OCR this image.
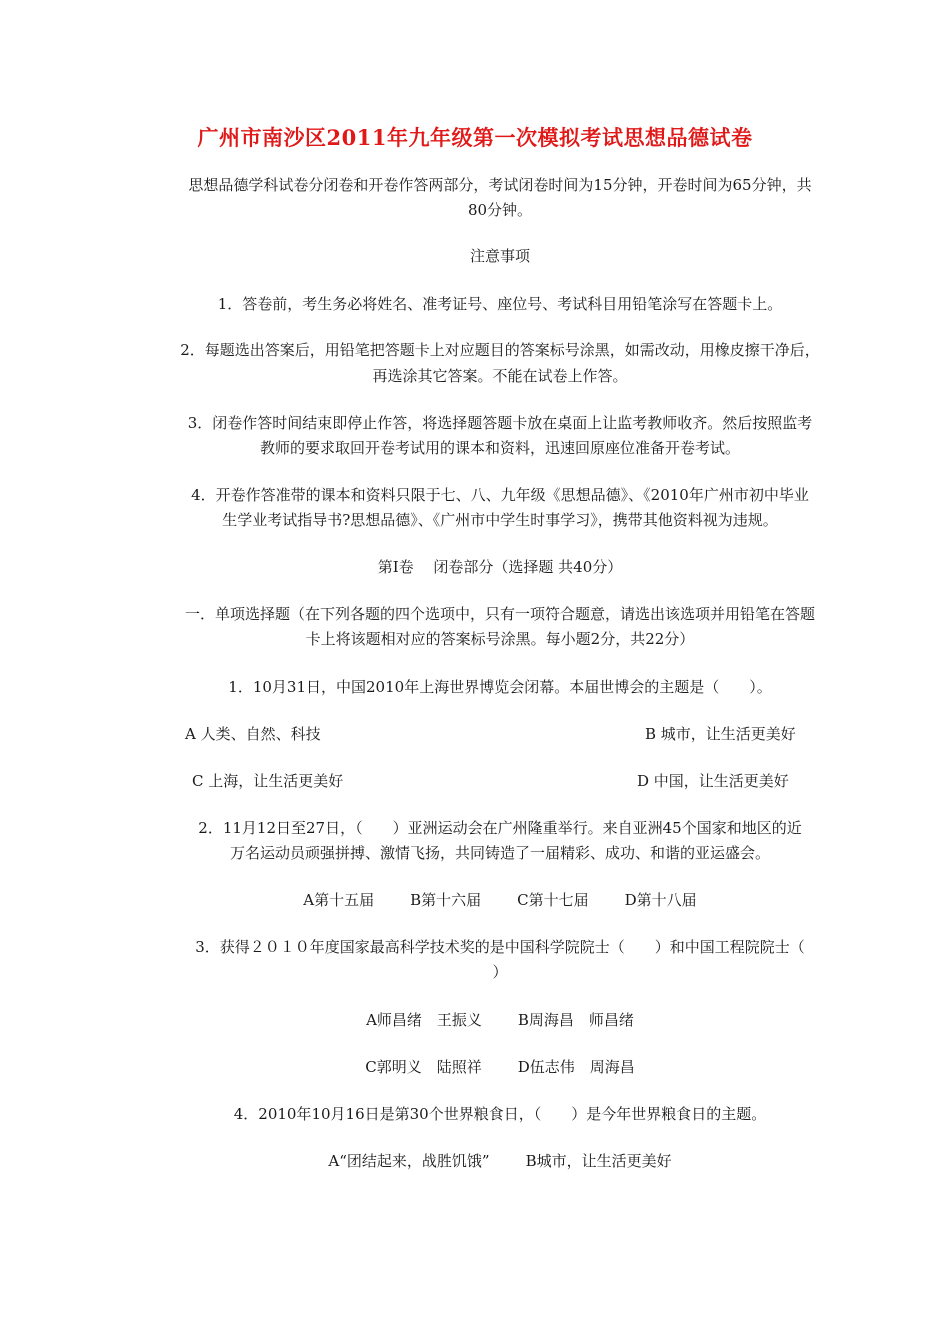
广州市南沙区2011年九年级第一次模拟考试思想品德试卷
思想品德学科试卷分闭卷和开卷作答两部分，考试闭卷时间为15分钟，开卷时间为65分钟，共
80分钟。
注意事项
1．答卷前，考生务必将姓名、准考证号、座位号、考试科目用铅笔涂写在答题卡上。
2．每题选出答案后，用铅笔把答题卡上对应题目的答案标号涂黑，如需改动，用橡皮擦干净后，
再选涂其它答案。不能在试卷上作答。
3．闭卷作答时间结束即停止作答，将选择题答题卡放在桌面上让监考教师收齐。然后按照监考
教师的要求取回开卷考试用的课本和资料，迅速回原座位准备开卷考试。
4．开卷作答准带的课本和资料只限于七、八、九年级《思想品德》、《2010年广州市初中毕业
生学业考试指导书?思想品德》、《广州市中学生时事学习》，携带其他资料视为违规。
第Ⅰ卷　 闭卷部分（选择题 共40分）
一．单项选择题（在下列各题的四个选项中，只有一项符合题意，请选出该选项并用铅笔在答题
卡上将该题相对应的答案标号涂黑。每小题2分，共22分）
1．10月31日，中国2010年上海世界博览会闭幕。本届世博会的主题是（　　）。
A 人类、自然、科技	B 城市，让生活更美好
C 上海，让生活更美好	D 中国，让生活更美好
2．11月12日至27日，（　　）亚洲运动会在广州隆重举行。来自亚洲45个国家和地区的近
万名运动员顽强拼搏、激情飞扬，共同铸造了一届精彩、成功、和谐的亚运盛会。
A第十五届 B第十六届 C第十七届 D第十八届
3．获得２０１０年度国家最高科学技术奖的是中国科学院院士（　　）和中国工程院院士（
）
A师昌绪　王振义 B周海昌　师昌绪
C郭明义　陆照祥 D伍志伟　周海昌
4．2010年10月16日是第30个世界粮食日，（　　）是今年世界粮食日的主题。
A“团结起来，战胜饥饿” B城市，让生活更美好
